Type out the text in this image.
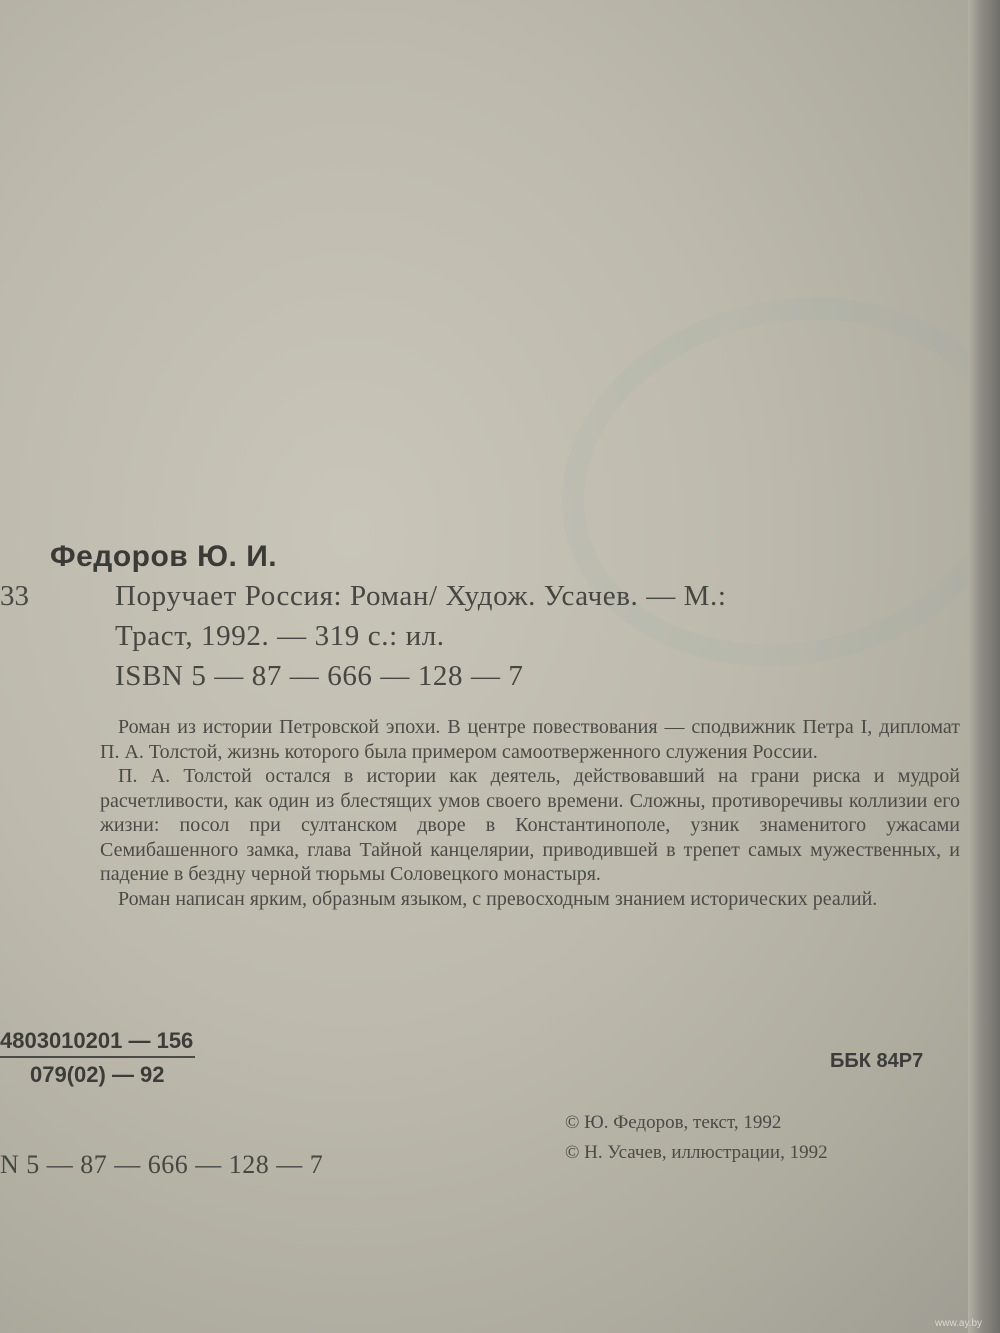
Федоров Ю. И.
33	Поручает Россия: Роман/ Худож. Усачев. — М.:
Траст, 1992. — 319 с.: ил.
ISBN 5 — 87 — 666 — 128 — 7

Роман из истории Петровской эпохи. В центре повествования — сподвижник Петра I, дипломат П. А. Толстой, жизнь которого была примером самоотверженного служения России.

П. А. Толстой остался в истории как деятель, действовавший на грани риска и мудрой расчетливости, как один из блестящих умов своего времени. Сложны, противоречивы коллизии его жизни: посол при султанском дворе в Константинополе, узник знаменитого ужасами Семибашенного замка, глава Тайной канцелярии, приводившей в трепет самых мужественных, и падение в бездну черной тюрьмы Соловецкого монастыря.

Роман написан ярким, образным языком, с превосходным знанием исторических реалий.

$\frac{4803010201 — 156}{079(02) — 92}$	ББК 84Р7
© Ю. Федоров, текст, 1992
© Н. Усачев, иллюстрации, 1992
N 5 — 87 — 666 — 128 — 7
www.ay.by
